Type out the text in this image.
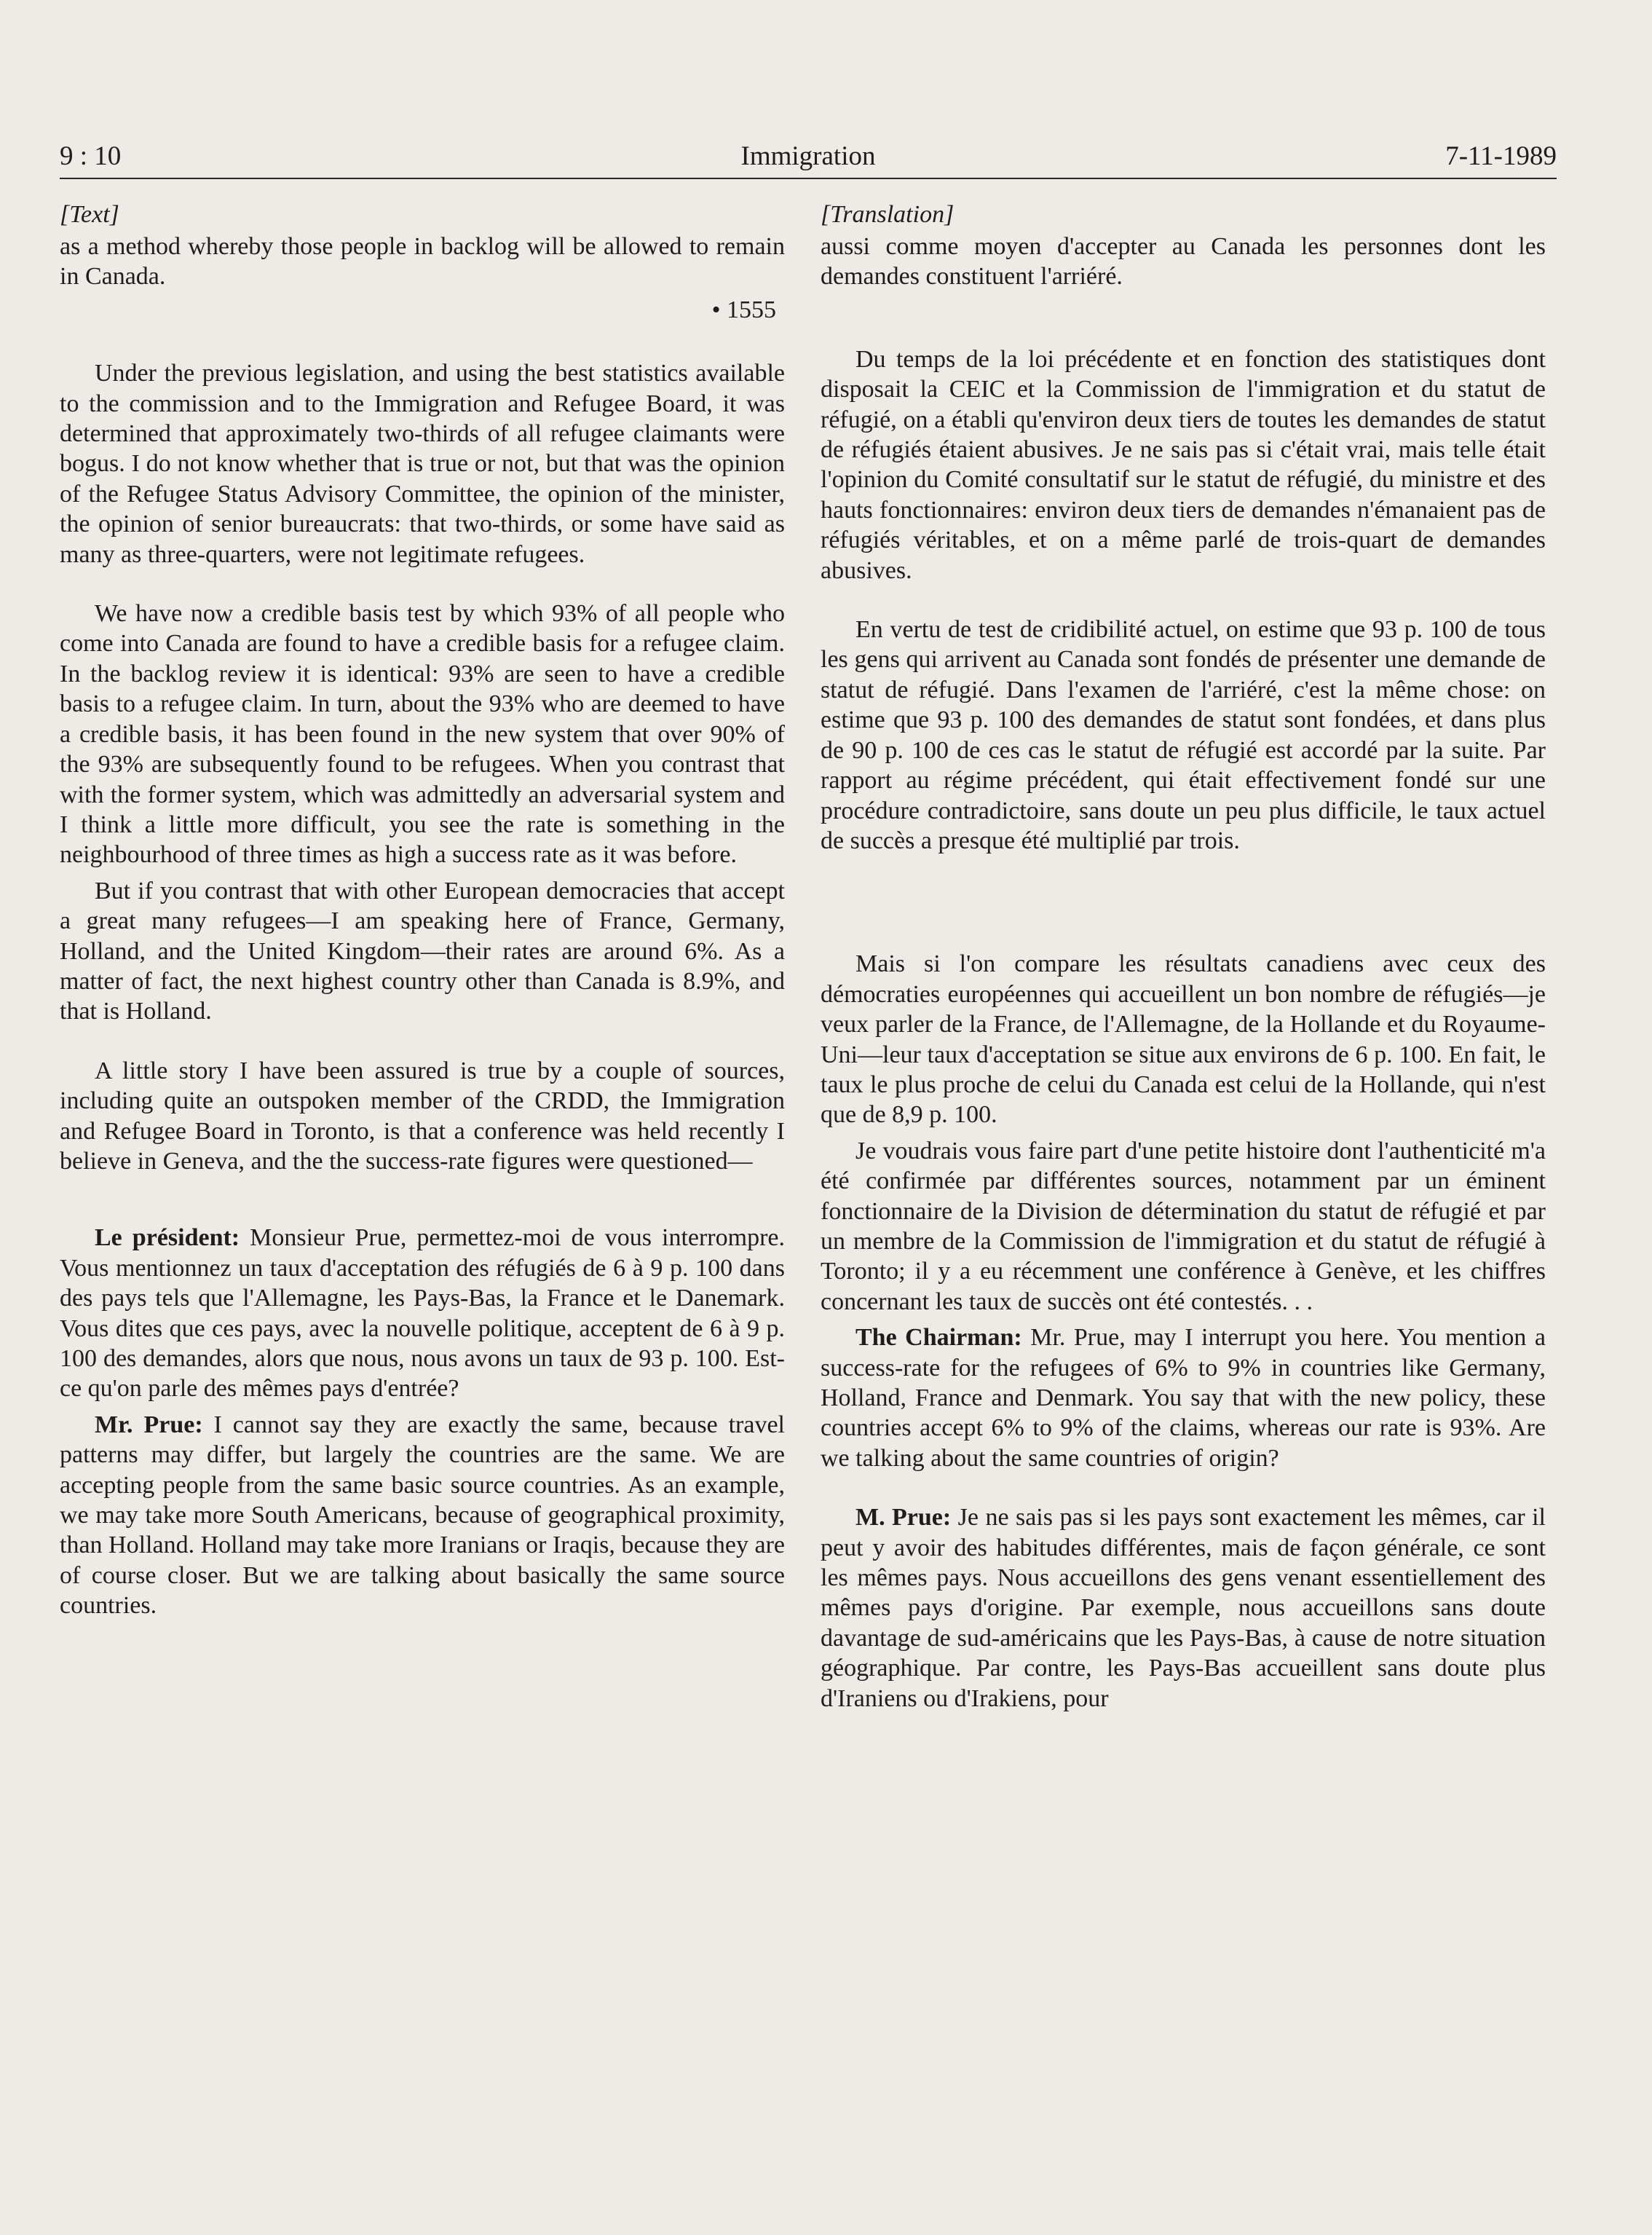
9 : 10	Immigration	7-11-1989

[Text]

as a method whereby those people in backlog will be allowed to remain in Canada.

• 1555

Under the previous legislation, and using the best statistics available to the commission and to the Immigration and Refugee Board, it was determined that approximately two-thirds of all refugee claimants were bogus. I do not know whether that is true or not, but that was the opinion of the Refugee Status Advisory Committee, the opinion of the minister, the opinion of senior bureaucrats: that two-thirds, or some have said as many as three-quarters, were not legitimate refugees.

We have now a credible basis test by which 93% of all people who come into Canada are found to have a credible basis for a refugee claim. In the backlog review it is identical: 93% are seen to have a credible basis to a refugee claim. In turn, about the 93% who are deemed to have a credible basis, it has been found in the new system that over 90% of the 93% are subsequently found to be refugees. When you contrast that with the former system, which was admittedly an adversarial system and I think a little more difficult, you see the rate is something in the neighbourhood of three times as high a success rate as it was before.

But if you contrast that with other European democracies that accept a great many refugees—I am speaking here of France, Germany, Holland, and the United Kingdom—their rates are around 6%. As a matter of fact, the next highest country other than Canada is 8.9%, and that is Holland.

A little story I have been assured is true by a couple of sources, including quite an outspoken member of the CRDD, the Immigration and Refugee Board in Toronto, is that a conference was held recently I believe in Geneva, and the the success-rate figures were questioned—

Le président: Monsieur Prue, permettez-moi de vous interrompre. Vous mentionnez un taux d'acceptation des réfugiés de 6 à 9 p. 100 dans des pays tels que l'Allemagne, les Pays-Bas, la France et le Danemark. Vous dites que ces pays, avec la nouvelle politique, acceptent de 6 à 9 p. 100 des demandes, alors que nous, nous avons un taux de 93 p. 100. Est-ce qu'on parle des mêmes pays d'entrée?

Mr. Prue: I cannot say they are exactly the same, because travel patterns may differ, but largely the countries are the same. We are accepting people from the same basic source countries. As an example, we may take more South Americans, because of geographical proximity, than Holland. Holland may take more Iranians or Iraqis, because they are of course closer. But we are talking about basically the same source countries.

[Translation]

aussi comme moyen d'accepter au Canada les personnes dont les demandes constituent l'arriéré.

Du temps de la loi précédente et en fonction des statistiques dont disposait la CEIC et la Commission de l'immigration et du statut de réfugié, on a établi qu'environ deux tiers de toutes les demandes de statut de réfugiés étaient abusives. Je ne sais pas si c'était vrai, mais telle était l'opinion du Comité consultatif sur le statut de réfugié, du ministre et des hauts fonctionnaires: environ deux tiers de demandes n'émanaient pas de réfugiés véritables, et on a même parlé de trois-quart de demandes abusives.

En vertu de test de cridibilité actuel, on estime que 93 p. 100 de tous les gens qui arrivent au Canada sont fondés de présenter une demande de statut de réfugié. Dans l'examen de l'arriéré, c'est la même chose: on estime que 93 p. 100 des demandes de statut sont fondées, et dans plus de 90 p. 100 de ces cas le statut de réfugié est accordé par la suite. Par rapport au régime précédent, qui était effectivement fondé sur une procédure contradictoire, sans doute un peu plus difficile, le taux actuel de succès a presque été multiplié par trois.

Mais si l'on compare les résultats canadiens avec ceux des démocraties européennes qui accueillent un bon nombre de réfugiés—je veux parler de la France, de l'Allemagne, de la Hollande et du Royaume-Uni—leur taux d'acceptation se situe aux environs de 6 p. 100. En fait, le taux le plus proche de celui du Canada est celui de la Hollande, qui n'est que de 8,9 p. 100.

Je voudrais vous faire part d'une petite histoire dont l'authenticité m'a été confirmée par différentes sources, notamment par un éminent fonctionnaire de la Division de détermination du statut de réfugié et par un membre de la Commission de l'immigration et du statut de réfugié à Toronto; il y a eu récemment une conférence à Genève, et les chiffres concernant les taux de succès ont été contestés. . .

The Chairman: Mr. Prue, may I interrupt you here. You mention a success-rate for the refugees of 6% to 9% in countries like Germany, Holland, France and Denmark. You say that with the new policy, these countries accept 6% to 9% of the claims, whereas our rate is 93%. Are we talking about the same countries of origin?

M. Prue: Je ne sais pas si les pays sont exactement les mêmes, car il peut y avoir des habitudes différentes, mais de façon générale, ce sont les mêmes pays. Nous accueillons des gens venant essentiellement des mêmes pays d'origine. Par exemple, nous accueillons sans doute davantage de sud-américains que les Pays-Bas, à cause de notre situation géographique. Par contre, les Pays-Bas accueillent sans doute plus d'Iraniens ou d'Irakiens, pour
